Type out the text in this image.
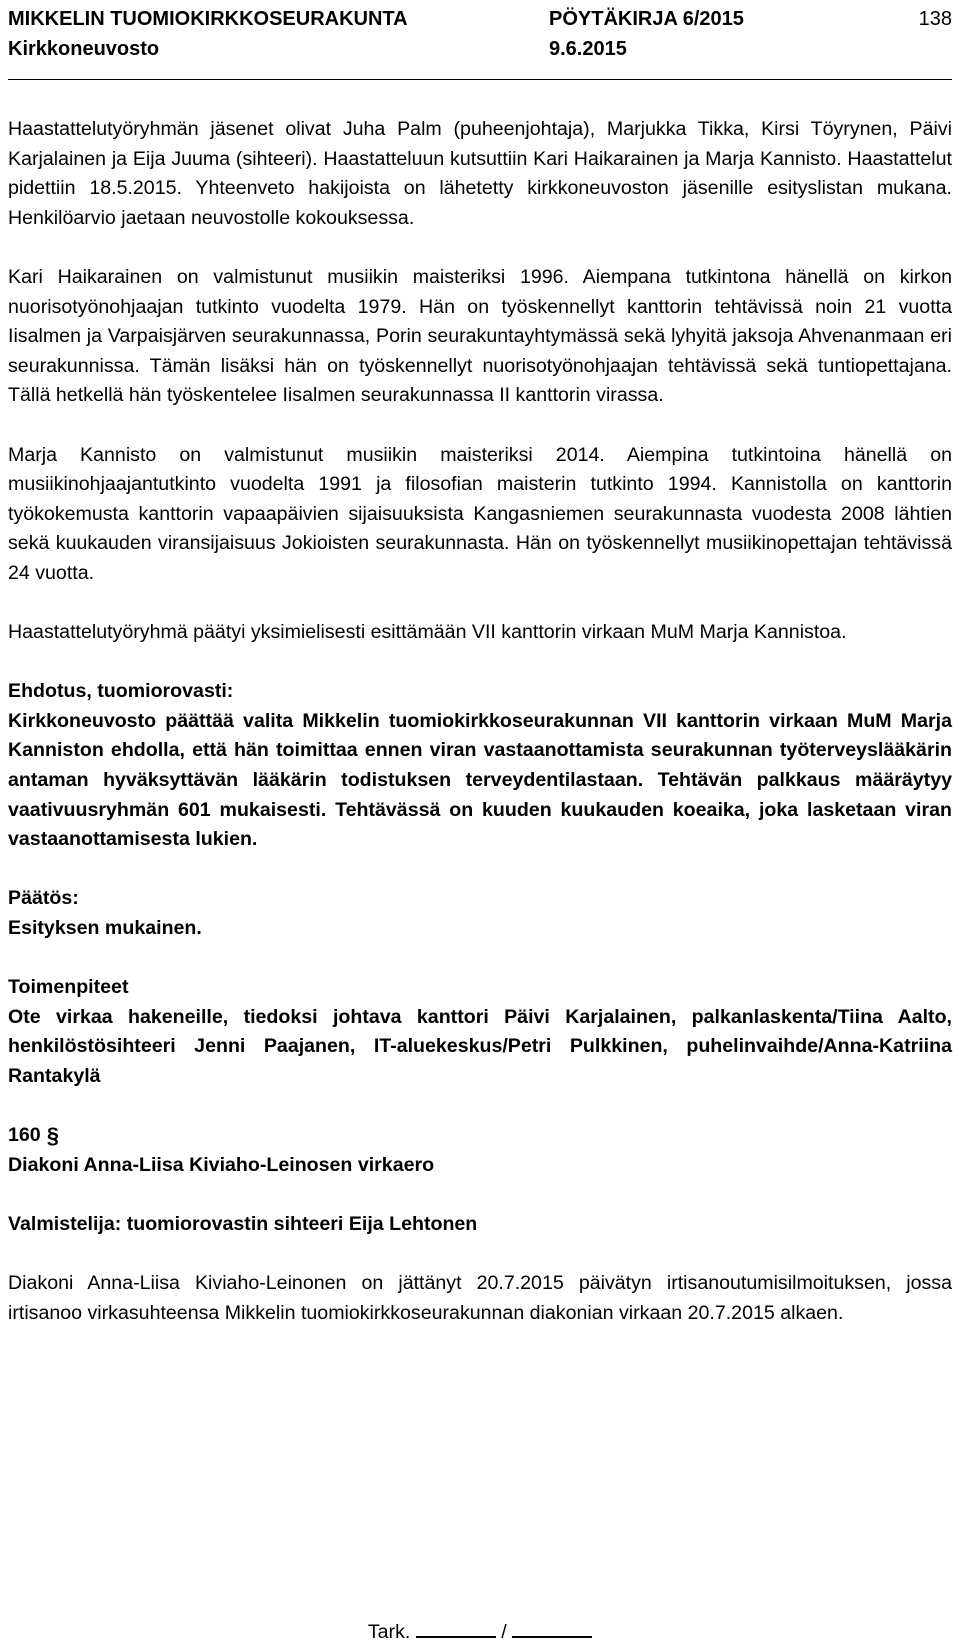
MIKKELIN TUOMIOKIRKKOSEURAKUNTA	PÖYTÄKIRJA 6/2015	138
Kirkkoneuvosto	9.6.2015

Haastattelutyöryhmän jäsenet olivat Juha Palm (puheenjohtaja), Marjukka Tikka, Kirsi Töyrynen, Päivi Karjalainen ja Eija Juuma (sihteeri). Haastatteluun kutsuttiin Kari Haikarainen ja Marja Kannisto. Haastattelut pidettiin 18.5.2015. Yhteenveto hakijoista on lähetetty kirkkoneuvoston jäsenille esityslistan mukana. Henkilöarvio jaetaan neuvostolle kokouksessa.

Kari Haikarainen on valmistunut musiikin maisteriksi 1996. Aiempana tutkintona hänellä on kirkon nuorisotyönohjaajan tutkinto vuodelta 1979. Hän on työskennellyt kanttorin tehtävissä noin 21 vuotta Iisalmen ja Varpaisjärven seurakunnassa, Porin seurakuntayhtymässä sekä lyhyitä jaksoja Ahvenanmaan eri seurakunnissa. Tämän lisäksi hän on työskennellyt nuorisotyönohjaajan tehtävissä sekä tuntiopettajana. Tällä hetkellä hän työskentelee Iisalmen seurakunnassa II kanttorin virassa.

Marja Kannisto on valmistunut musiikin maisteriksi 2014. Aiempina tutkintoina hänellä on musiikinohjaajantutkinto vuodelta 1991 ja filosofian maisterin tutkinto 1994. Kannistolla on kanttorin työkokemusta kanttorin vapaapäivien sijaisuuksista Kangasniemen seurakunnasta vuodesta 2008 lähtien sekä kuukauden viransijaisuus Jokioisten seurakunnasta. Hän on työskennellyt musiikinopettajan tehtävissä 24 vuotta.

Haastattelutyöryhmä päätyi yksimielisesti esittämään VII kanttorin virkaan MuM Marja Kannistoa.

Ehdotus, tuomiorovasti:

Kirkkoneuvosto päättää valita Mikkelin tuomiokirkkoseurakunnan VII kanttorin virkaan MuM Marja Kanniston ehdolla, että hän toimittaa ennen viran vastaanottamista seurakunnan työterveyslääkärin antaman hyväksyttävän lääkärin todistuksen terveydentilastaan. Tehtävän palkkaus määräytyy vaativuusryhmän 601 mukaisesti. Tehtävässä on kuuden kuukauden koeaika, joka lasketaan viran vastaanottamisesta lukien.

Päätös:

Esityksen mukainen.

Toimenpiteet

Ote virkaa hakeneille, tiedoksi johtava kanttori Päivi Karjalainen, palkanlaskenta/Tiina Aalto, henkilöstösihteeri Jenni Paajanen, IT-aluekeskus/Petri Pulkkinen, puhelinvaihde/Anna-Katriina Rantakylä

160 §

Diakoni Anna-Liisa Kiviaho-Leinosen virkaero

Valmistelija: tuomiorovastin sihteeri Eija Lehtonen

Diakoni Anna-Liisa Kiviaho-Leinonen on jättänyt 20.7.2015 päivätyn irtisanoutumisilmoituksen, jossa irtisanoo virkasuhteensa Mikkelin tuomiokirkkoseurakunnan diakonian virkaan 20.7.2015 alkaen.

Tark.	/
